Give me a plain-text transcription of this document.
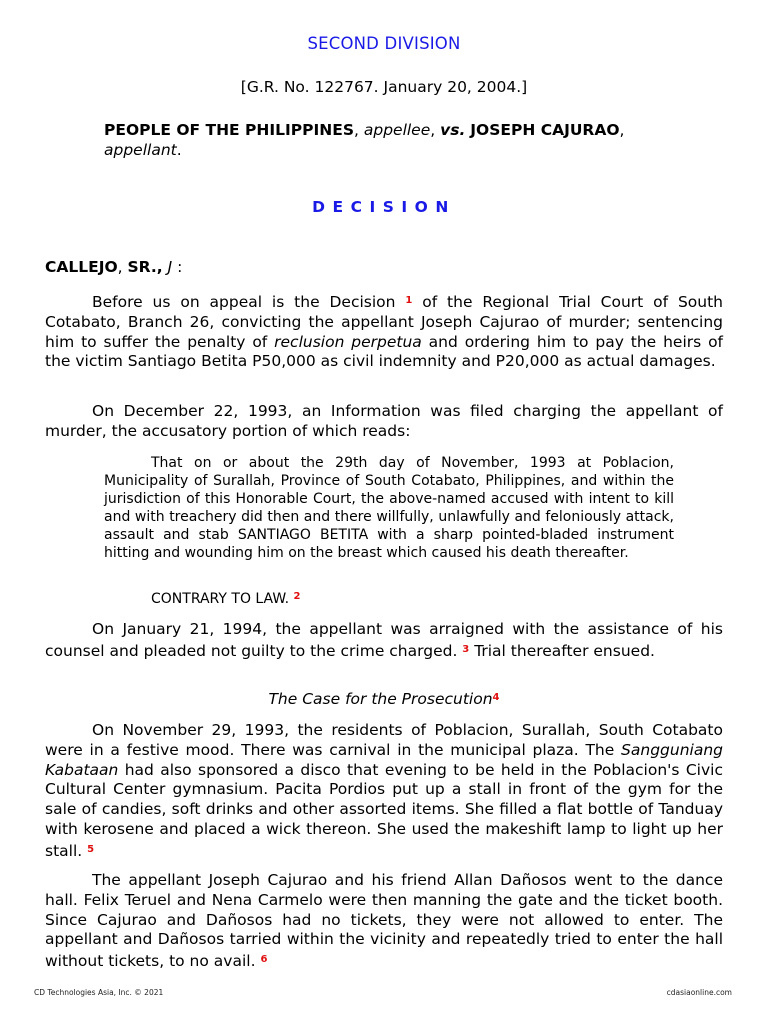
SECOND DIVISION
[G.R. No. 122767. January 20, 2004.]
PEOPLE OF THE PHILIPPINES, appellee, vs. JOSEPH CAJURAO,
appellant.
DECISION
CALLEJO, SR., J :
Before us on appeal is the Decision $^1$ of the Regional Trial Court of South Cotabato, Branch 26, convicting the appellant Joseph Cajurao of murder; sentencing him to suffer the penalty of reclusion perpetua and ordering him to pay the heirs of the victim Santiago Betita P50,000 as civil indemnity and P20,000 as actual damages.
On December 22, 1993, an Information was filed charging the appellant of murder, the accusatory portion of which reads:
That on or about the 29th day of November, 1993 at Poblacion, Municipality of Surallah, Province of South Cotabato, Philippines, and within the jurisdiction of this Honorable Court, the above-named accused with intent to kill and with treachery did then and there willfully, unlawfully and feloniously attack, assault and stab SANTIAGO BETITA with a sharp pointed-bladed instrument hitting and wounding him on the breast which caused his death thereafter.
CONTRARY TO LAW. $^2$
On January 21, 1994, the appellant was arraigned with the assistance of his counsel and pleaded not guilty to the crime charged. $^3$ Trial thereafter ensued.
The Case for the Prosecution$^4$
On November 29, 1993, the residents of Poblacion, Surallah, South Cotabato were in a festive mood. There was carnival in the municipal plaza. The Sangguniang Kabataan had also sponsored a disco that evening to be held in the Poblacion's Civic Cultural Center gymnasium. Pacita Pordios put up a stall in front of the gym for the sale of candies, soft drinks and other assorted items. She filled a flat bottle of Tanduay with kerosene and placed a wick thereon. She used the makeshift lamp to light up her stall. $^5$
The appellant Joseph Cajurao and his friend Allan Dañosos went to the dance hall. Felix Teruel and Nena Carmelo were then manning the gate and the ticket booth. Since Cajurao and Dañosos had no tickets, they were not allowed to enter. The appellant and Dañosos tarried within the vicinity and repeatedly tried to enter the hall without tickets, to no avail. $^6$
CD Technologies Asia, Inc. © 2021	cdasiaonline.com
